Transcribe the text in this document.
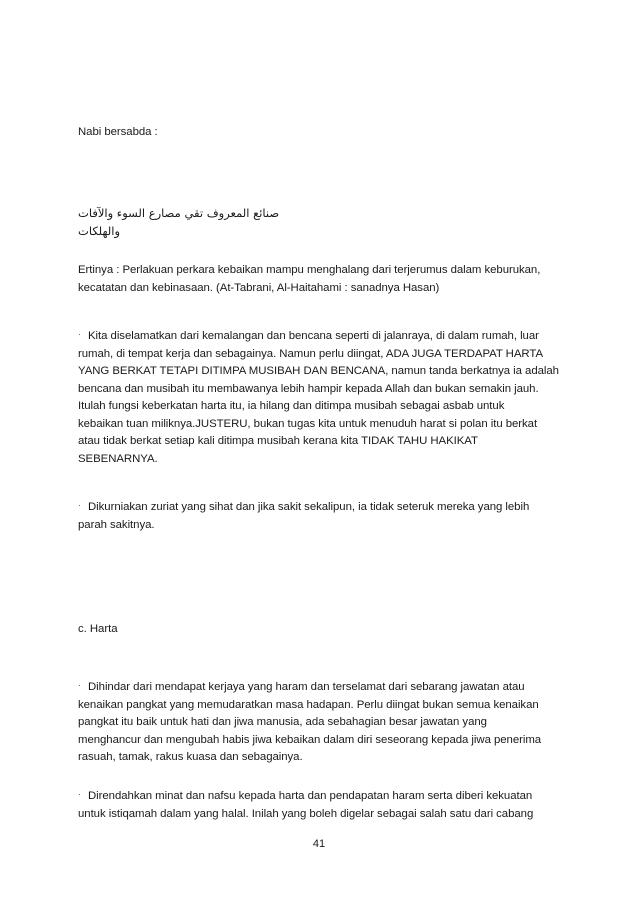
Nabi bersabda :

صنائع المعروف تقي مصارع السوء والآفات والهلكات

Ertinya : Perlakuan perkara kebaikan mampu menghalang dari terjerumus dalam keburukan,
kecatatan dan kebinasaan. (At-Tabrani, Al-Haitahami : sanadnya Hasan)
· Kita diselamatkan dari kemalangan dan bencana seperti di jalanraya, di dalam rumah, luar
rumah, di tempat kerja dan sebagainya. Namun perlu diingat, ADA JUGA TERDAPAT HARTA
YANG BERKAT TETAPI DITIMPA MUSIBAH DAN BENCANA, namun tanda berkatnya ia adalah
bencana dan musibah itu membawanya lebih hampir kepada Allah dan bukan semakin jauh.
Itulah fungsi keberkatan harta itu, ia hilang dan ditimpa musibah sebagai asbab untuk
kebaikan tuan miliknya.JUSTERU, bukan tugas kita untuk menuduh harat si polan itu berkat
atau tidak berkat setiap kali ditimpa musibah kerana kita TIDAK TAHU HAKIKAT
SEBENARNYA.
· Dikurniakan zuriat yang sihat dan jika sakit sekalipun, ia tidak seteruk mereka yang lebih
parah sakitnya.

c. Harta

· Dihindar dari mendapat kerjaya yang haram dan terselamat dari sebarang jawatan atau
kenaikan pangkat yang memudaratkan masa hadapan. Perlu diingat bukan semua kenaikan
pangkat itu baik untuk hati dan jiwa manusia, ada sebahagian besar jawatan yang
menghancur dan mengubah habis jiwa kebaikan dalam diri seseorang kepada jiwa penerima
rasuah, tamak, rakus kuasa dan sebagainya.
· Direndahkan minat dan nafsu kepada harta dan pendapatan haram serta diberi kekuatan
untuk istiqamah dalam yang halal. Inilah yang boleh digelar sebagai salah satu dari cabang

41
